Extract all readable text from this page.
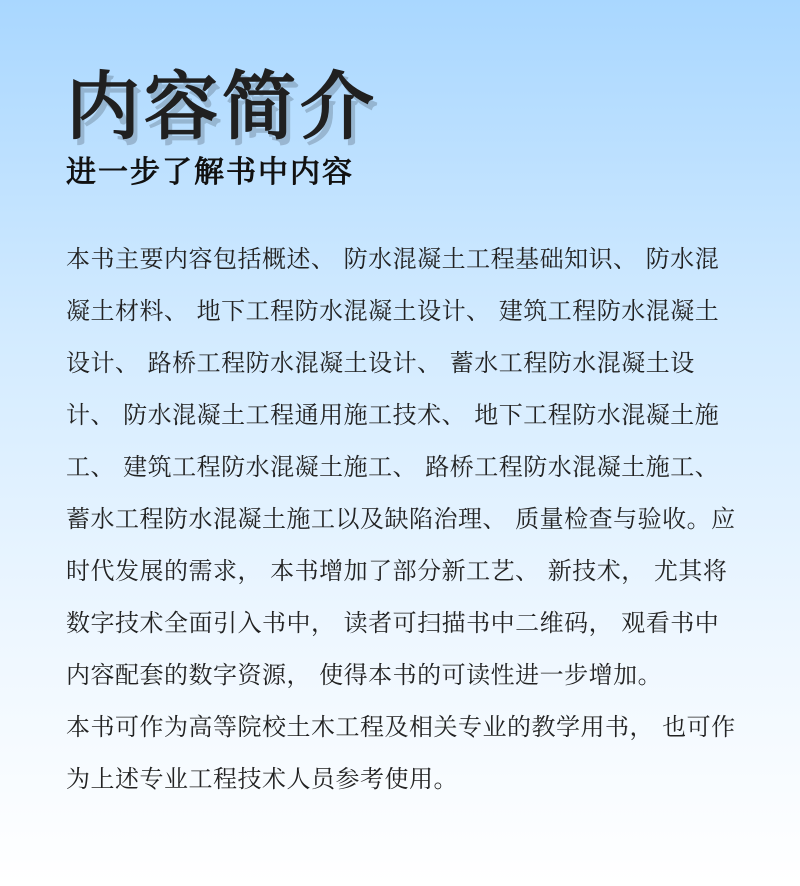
内容简介
进一步了解书中内容

本书主要内容包括概述、 防水混凝土工程基础知识、 防水混凝土材料、 地下工程防水混凝土设计、 建筑工程防水混凝土设计、 路桥工程防水混凝土设计、 蓄水工程防水混凝土设计、 防水混凝土工程通用施工技术、 地下工程防水混凝土施工、 建筑工程防水混凝土施工、 路桥工程防水混凝土施工、 蓄水工程防水混凝土施工以及缺陷治理、 质量检查与验收。应时代发展的需求， 本书增加了部分新工艺、 新技术， 尤其将数字技术全面引入书中， 读者可扫描书中二维码， 观看书中内容配套的数字资源， 使得本书的可读性进一步增加。

本书可作为高等院校土木工程及相关专业的教学用书， 也可作为上述专业工程技术人员参考使用。
